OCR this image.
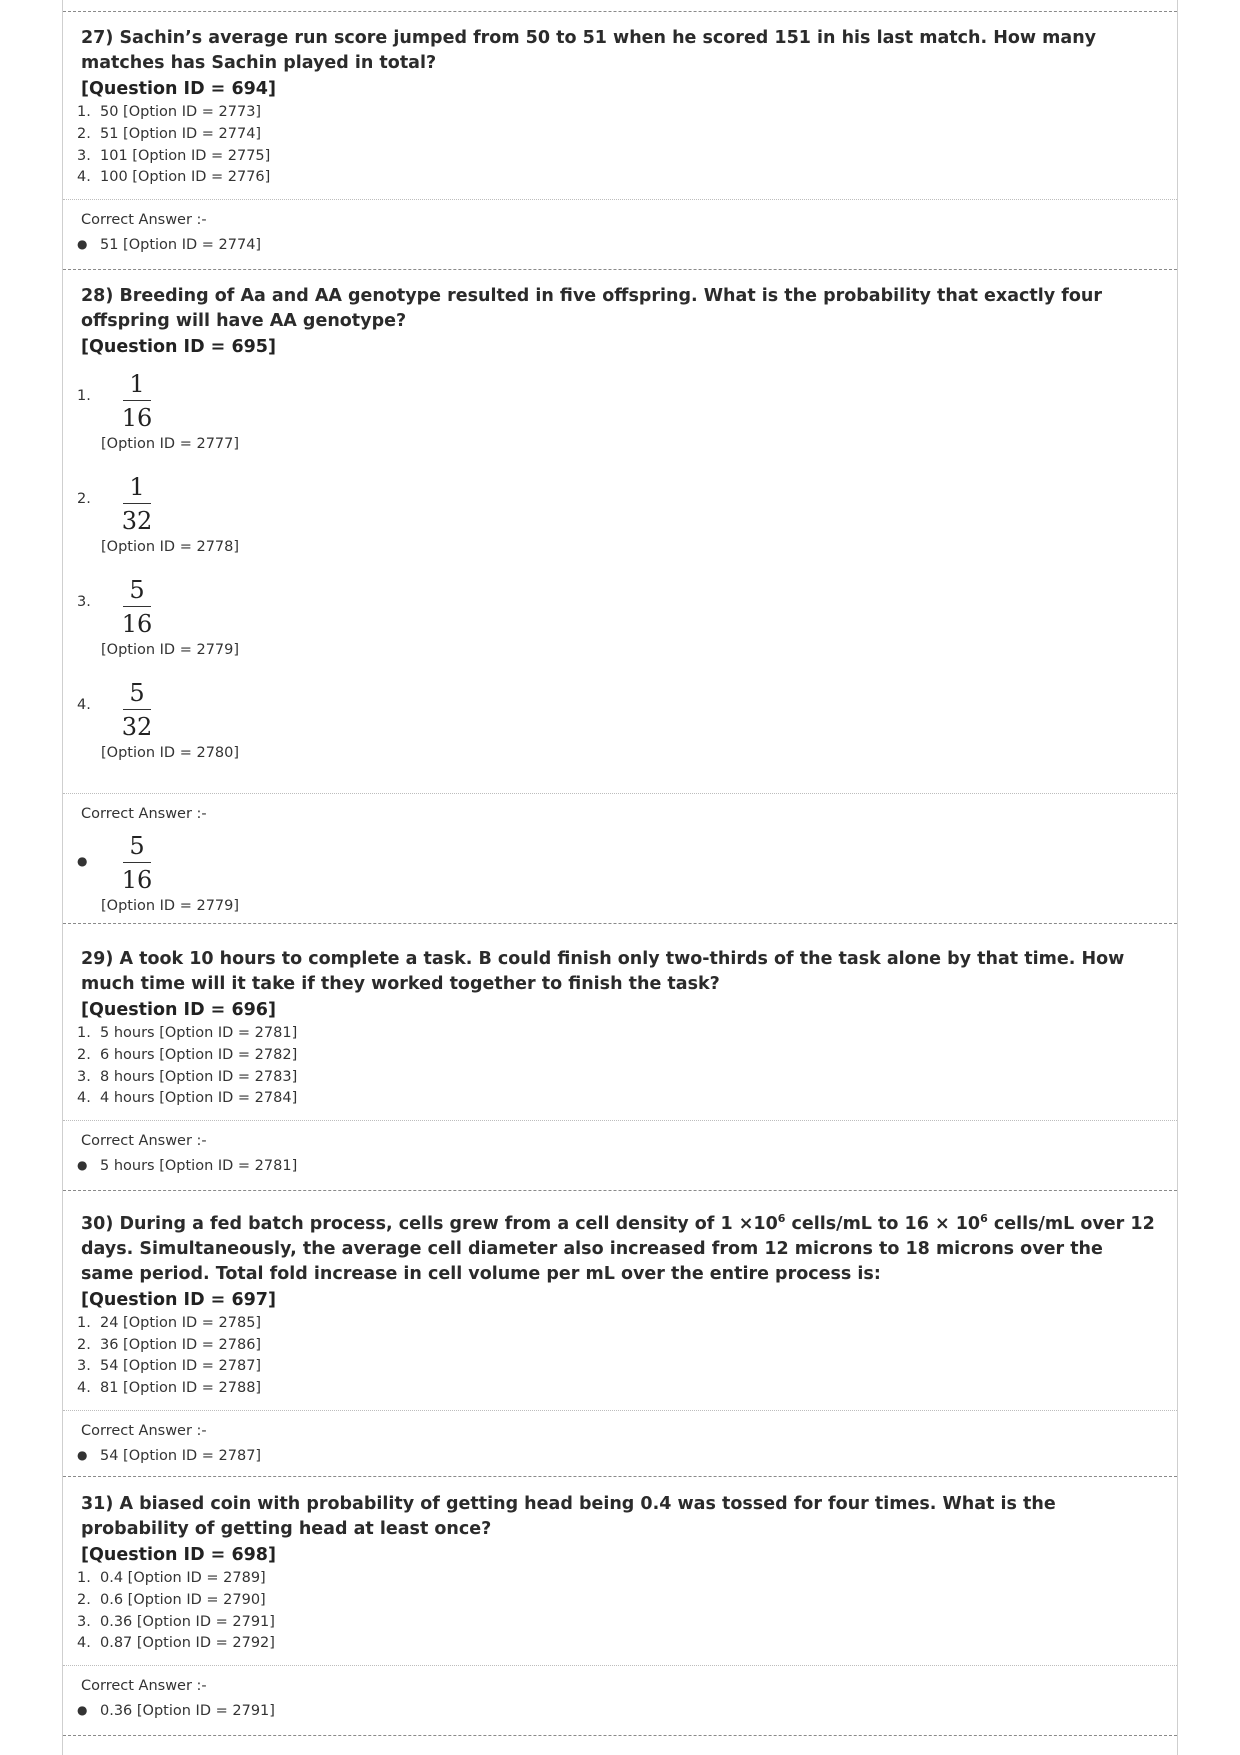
27) Sachin’s average run score jumped from 50 to 51 when he scored 151 in his last match. How many matches has Sachin played in total?
[Question ID = 694]
1. 50 [Option ID = 2773]
2. 51 [Option ID = 2774]
3. 101 [Option ID = 2775]
4. 100 [Option ID = 2776]
Correct Answer :-
● 51 [Option ID = 2774]
28) Breeding of Aa and AA genotype resulted in five offspring. What is the probability that exactly four offspring will have AA genotype?
[Question ID = 695]
1.	1
16
[Option ID = 2777]
2.	1
32
[Option ID = 2778]
3.	5
16
[Option ID = 2779]
4.	5
32
[Option ID = 2780]
Correct Answer :-
●
5
16
[Option ID = 2779]
29) A took 10 hours to complete a task. B could finish only two-thirds of the task alone by that time. How much time will it take if they worked together to finish the task?
[Question ID = 696]
1. 5 hours [Option ID = 2781]
2. 6 hours [Option ID = 2782]
3. 8 hours [Option ID = 2783]
4. 4 hours [Option ID = 2784]
Correct Answer :-
● 5 hours [Option ID = 2781]
30) During a fed batch process, cells grew from a cell density of $1 \times 10^6$ cells/mL to $16 \times 10^6$ cells/mL over 12 days. Simultaneously, the average cell diameter also increased from 12 microns to 18 microns over the same period. Total fold increase in cell volume per mL over the entire process is:
[Question ID = 697]
1. 24 [Option ID = 2785]
2. 36 [Option ID = 2786]
3. 54 [Option ID = 2787]
4. 81 [Option ID = 2788]
Correct Answer :-
● 54 [Option ID = 2787]
31) A biased coin with probability of getting head being 0.4 was tossed for four times. What is the probability of getting head at least once?
[Question ID = 698]
1. 0.4 [Option ID = 2789]
2. 0.6 [Option ID = 2790]
3. 0.36 [Option ID = 2791]
4. 0.87 [Option ID = 2792]
Correct Answer :-
● 0.36 [Option ID = 2791]
